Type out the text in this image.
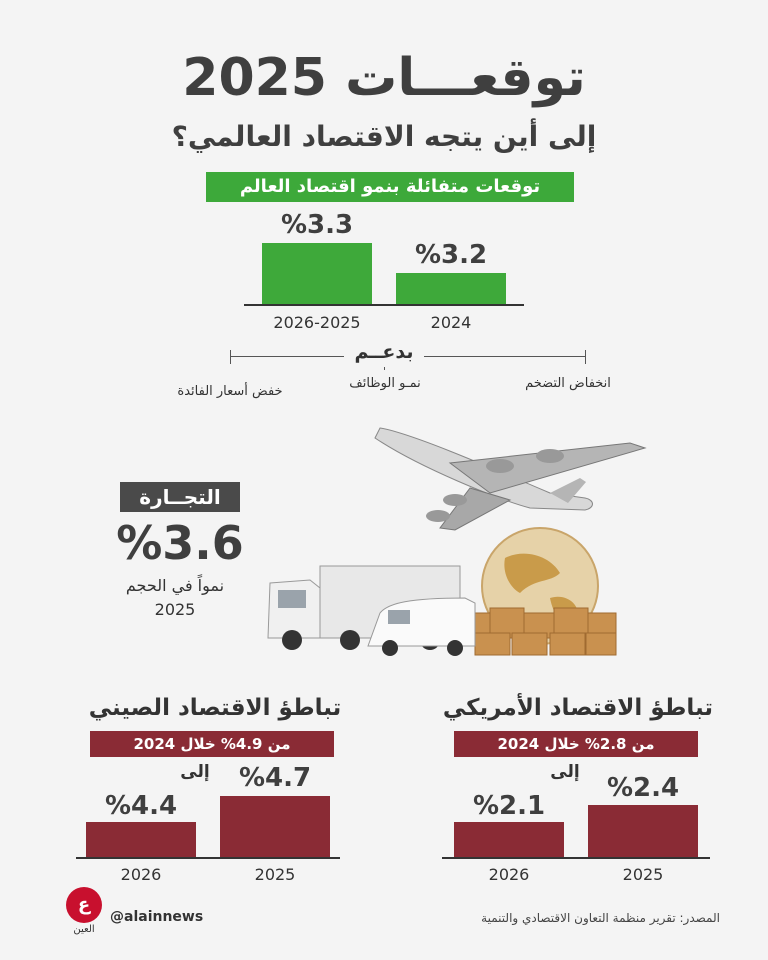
توقعـــات 2025
إلى أين يتجه الاقتصاد العالمي؟
توقعات متفائلة بنمو اقتصاد العالم
%3.3
%3.2
2026-2025	2024
بدعــم
انخفاض التضخم
نمـو الوظائف
خفض أسعار الفائدة
التجــارة
%3.6
نمواً في الحجم
2025
تباطؤ الاقتصاد الأمريكي
من 2.8% خلال 2024
إلى
%2.4
%2.1
2025
2026
تباطؤ الاقتصاد الصيني
من 4.9% خلال 2024
إلى	%4.7
%4.4
2025
2026
ع
العين
@alainnews	المصدر: تقرير منظمة التعاون الاقتصادي والتنمية
